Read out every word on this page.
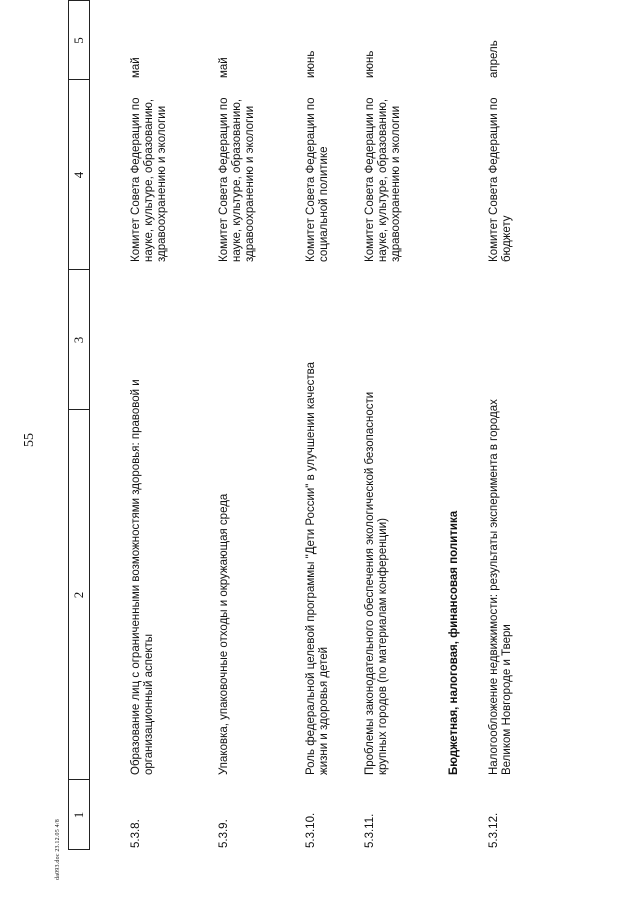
55
da093.doc 23.12.05 4/8
1
2
3
4
5
5.3.8.
Образование лиц с ограниченными возможностями здоровья: правовой и организационный аспекты
Комитет Совета Федерации по науке, культуре, образованию, здравоохранению и экологии
май
5.3.9.
Упаковка, упаковочные отходы и окружающая среда
Комитет Совета Федерации по науке, культуре, образованию, здравоохранению и экологии
май
5.3.10.
Роль федеральной целевой программы "Дети России" в улучшении качества жизни и здоровья детей
Комитет Совета Федерации по социальной политике
июнь
5.3.11.
Проблемы законодательного обеспечения экологической безопасности крупных городов (по материалам конференции)
Комитет Совета Федерации по науке, культуре, образованию, здравоохранению и экологии
июнь
Бюджетная, налоговая, финансовая политика
5.3.12.
Налогообложение недвижимости: результаты эксперимента в городах Великом Новгороде и Твери
Комитет Совета Федерации по бюджету
апрель
